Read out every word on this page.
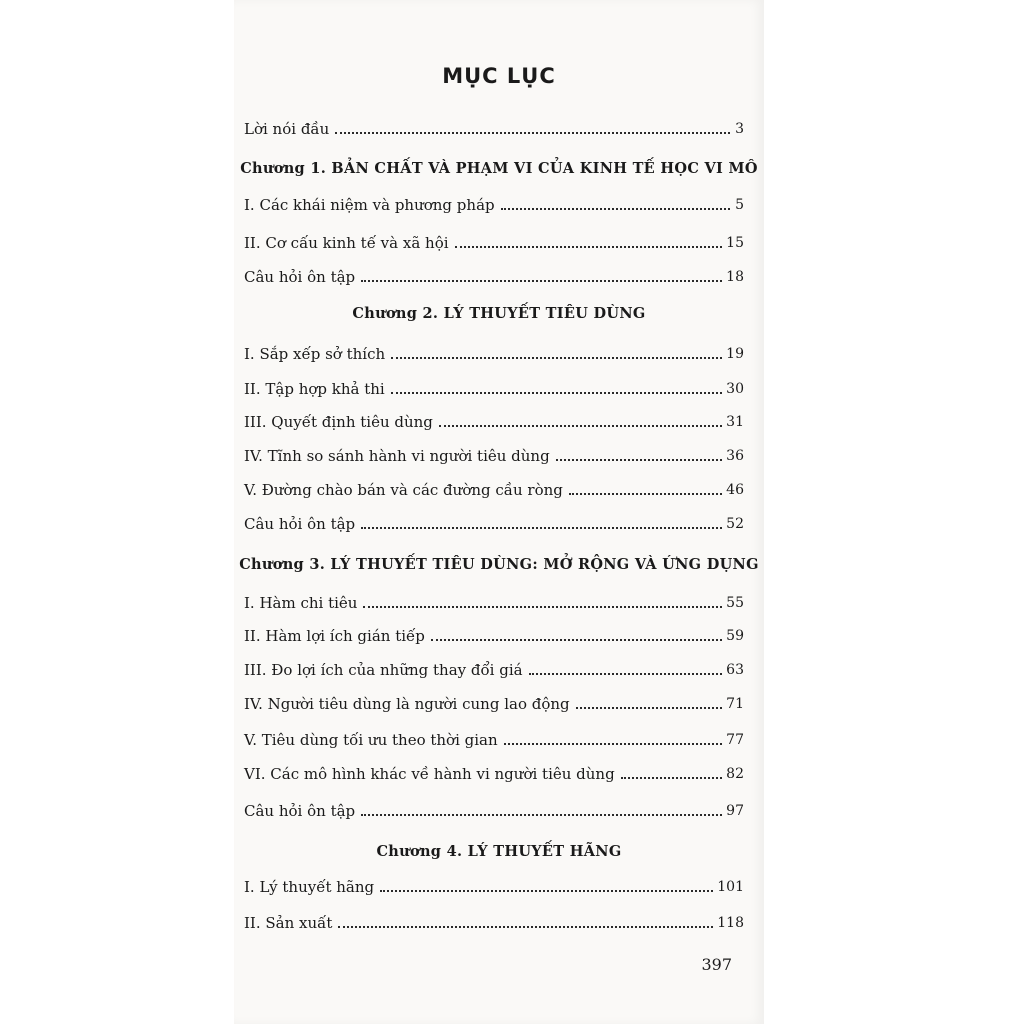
MỤC LỤC
Lời nói đầu	3
Chương 1. BẢN CHẤT VÀ PHẠM VI CỦA KINH TẾ HỌC VI MÔ
I. Các khái niệm và phương pháp	5
II. Cơ cấu kinh tế và xã hội	15
Câu hỏi ôn tập	18
Chương 2. LÝ THUYẾT TIÊU DÙNG
I. Sắp xếp sở thích	19
II. Tập hợp khả thi	30
III. Quyết định tiêu dùng	31
IV. Tĩnh so sánh hành vi người tiêu dùng	36
V. Đường chào bán và các đường cầu ròng	46
Câu hỏi ôn tập	52
Chương 3. LÝ THUYẾT TIÊU DÙNG: MỞ RỘNG VÀ ỨNG DỤNG
I. Hàm chi tiêu	55
II. Hàm lợi ích gián tiếp	59
III. Đo lợi ích của những thay đổi giá	63
IV. Người tiêu dùng là người cung lao động	71
V. Tiêu dùng tối ưu theo thời gian	77
VI. Các mô hình khác về hành vi người tiêu dùng	82
Câu hỏi ôn tập	97
Chương 4. LÝ THUYẾT HÃNG
I. Lý thuyết hãng	101
II. Sản xuất	118
397
